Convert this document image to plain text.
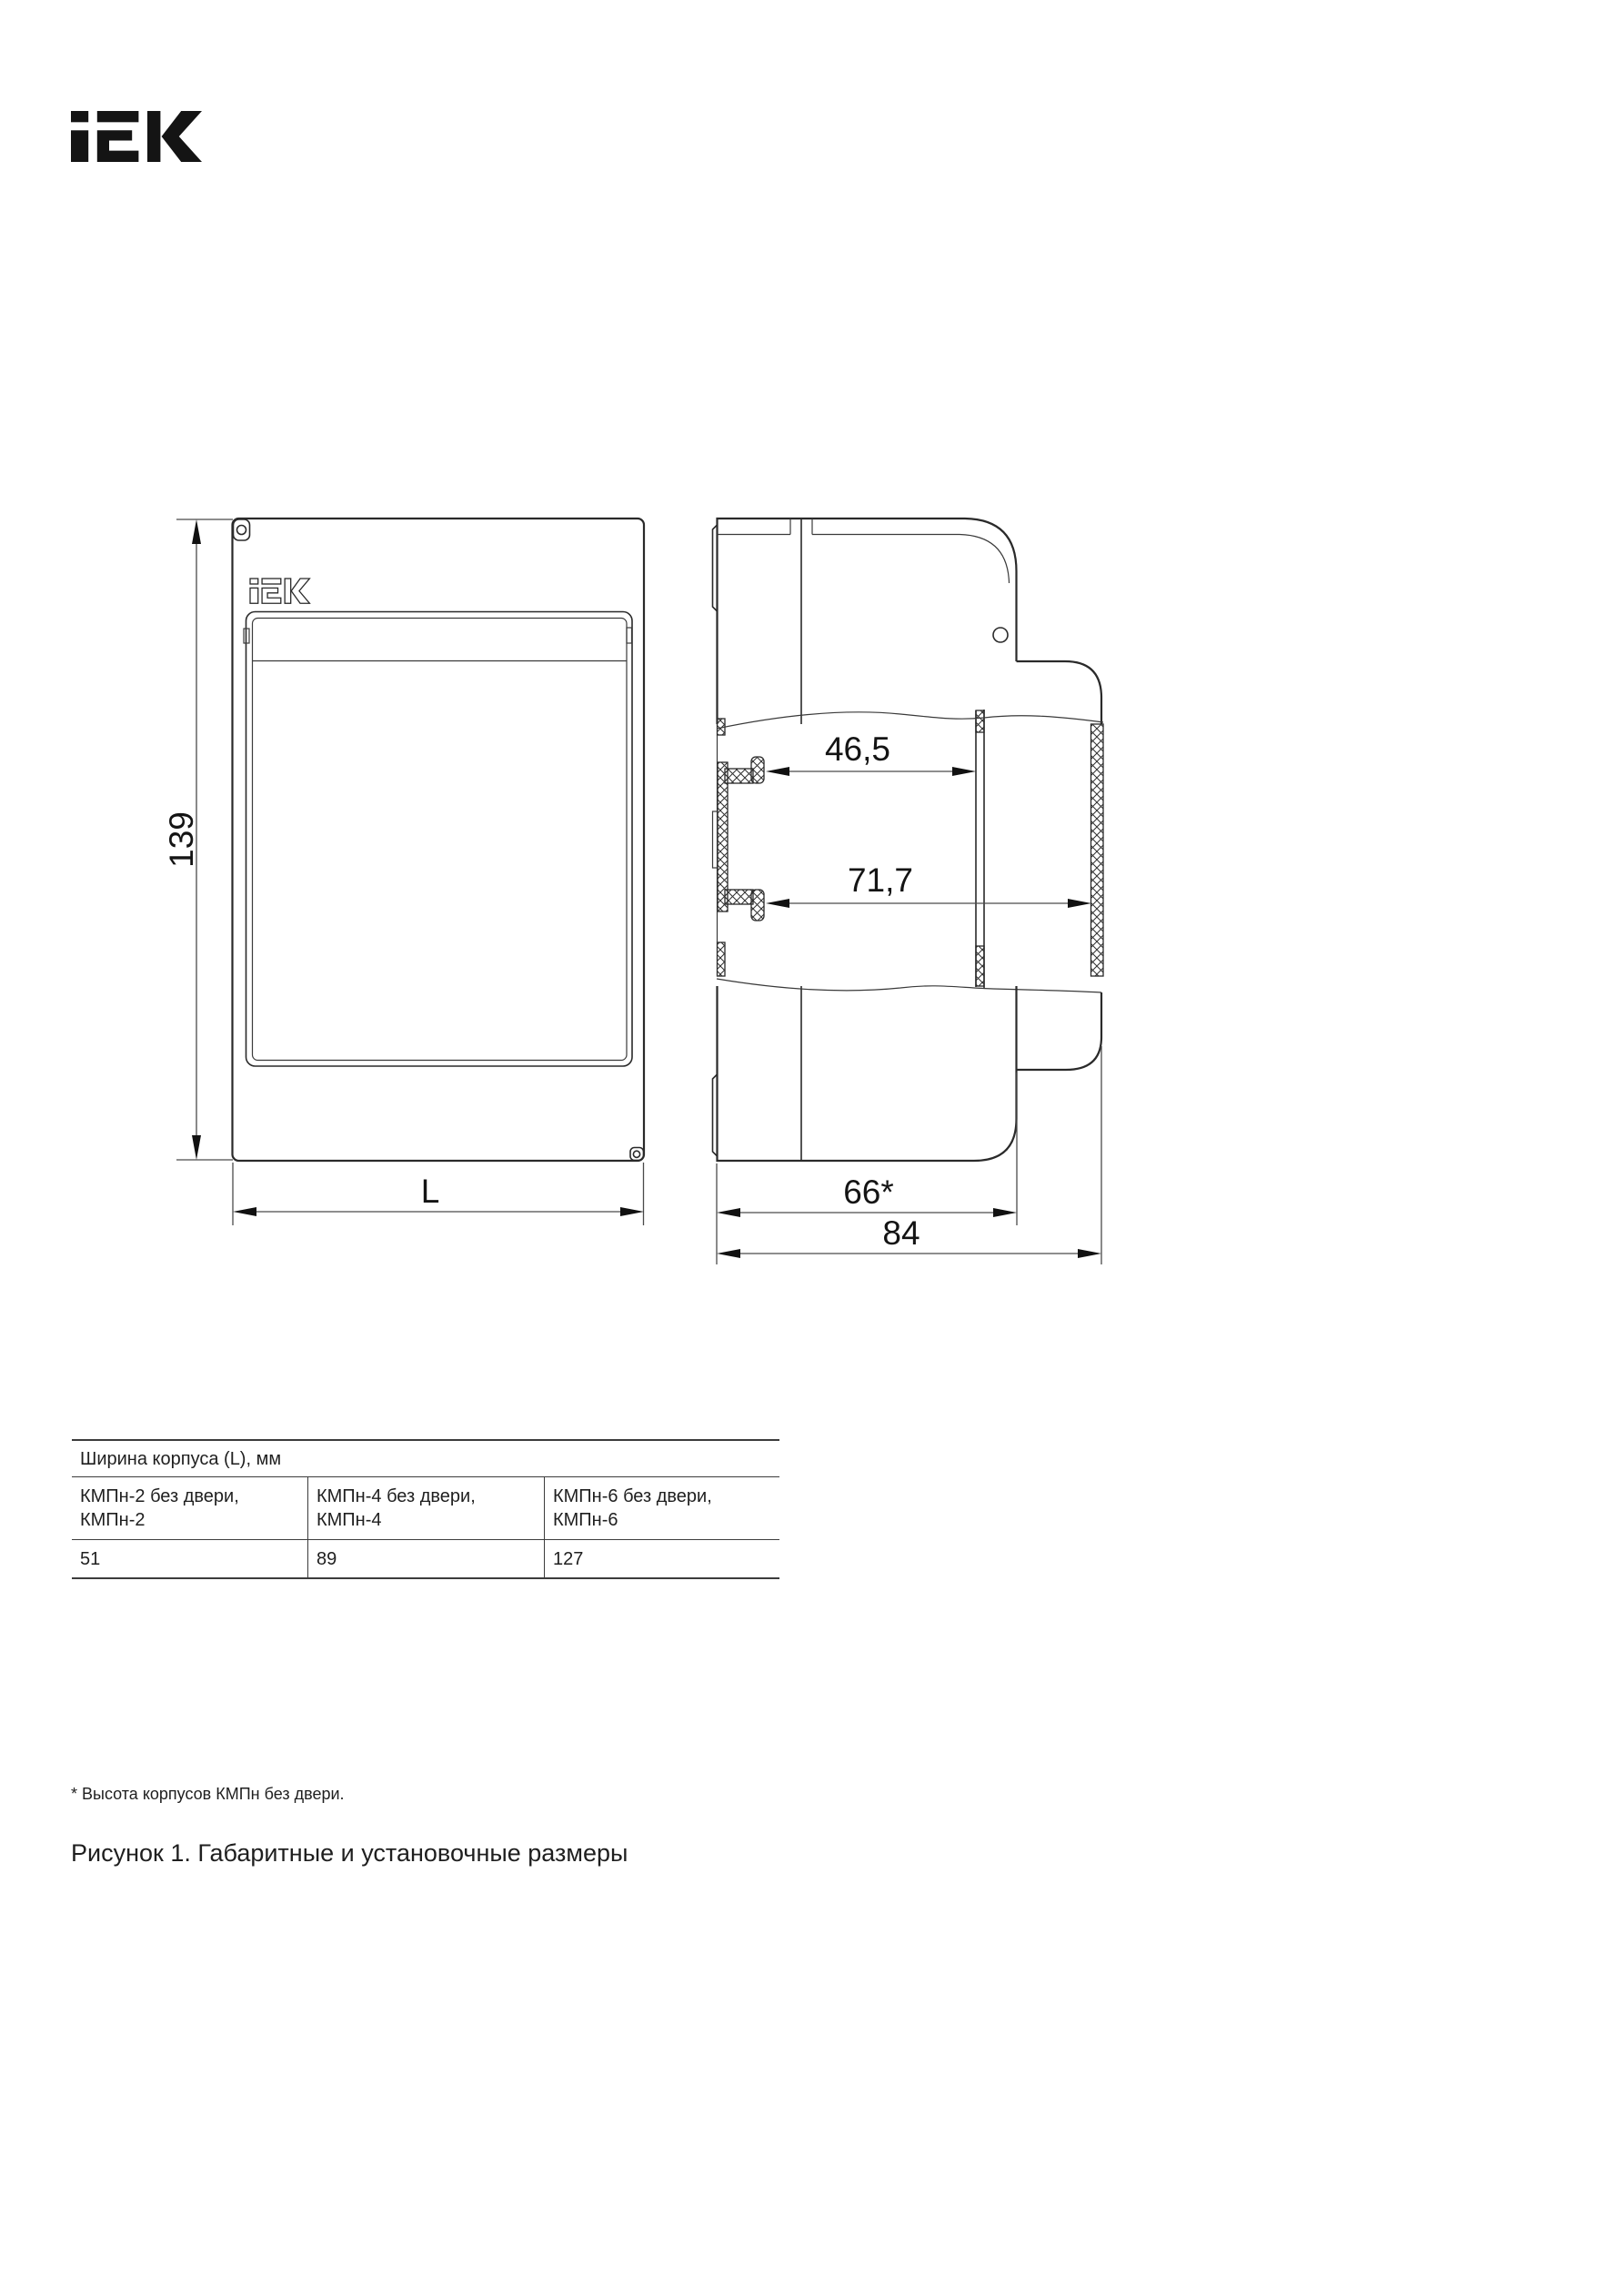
139
L
46,5
71,7
66*
84
Ширина корпуса (L), мм
КМПн-2 без двери,
КМПн-2
КМПн-4 без двери,
КМПн-4
КМПн-6 без двери,
КМПн-6
51	89	127
* Высота корпусов КМПн без двери.
Рисунок 1. Габаритные и установочные размеры
